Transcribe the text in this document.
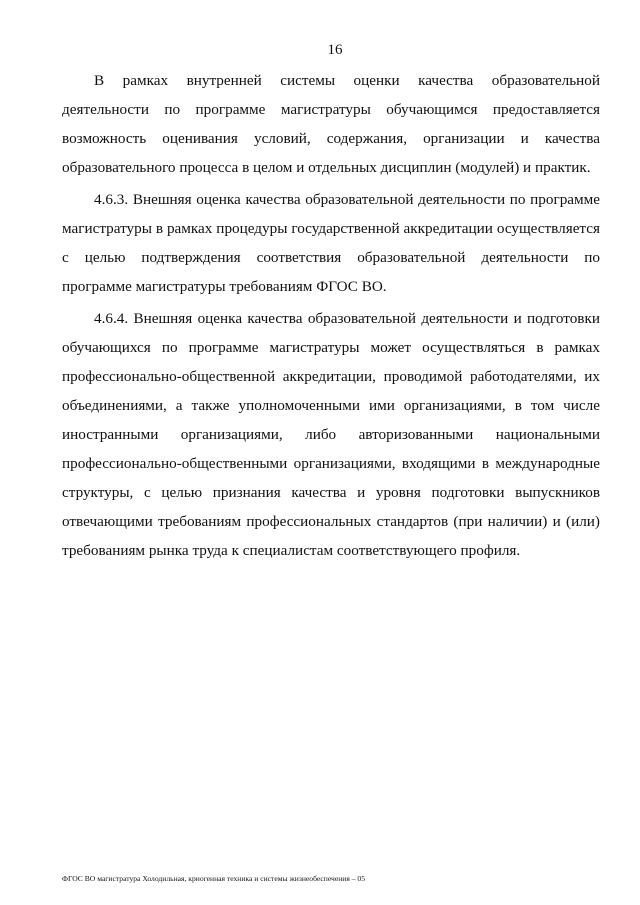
16

В рамках внутренней системы оценки качества образовательной деятельности по программе магистратуры обучающимся предоставляется возможность оценивания условий, содержания, организации и качества образовательного процесса в целом и отдельных дисциплин (модулей) и практик.

4.6.3. Внешняя оценка качества образовательной деятельности по программе магистратуры в рамках процедуры государственной аккредитации осуществляется с целью подтверждения соответствия образовательной деятельности по программе магистратуры требованиям ФГОС ВО.

4.6.4. Внешняя оценка качества образовательной деятельности и подготовки обучающихся по программе магистратуры может осуществляться в рамках профессионально-общественной аккредитации, проводимой работодателями, их объединениями, а также уполномоченными ими организациями, в том числе иностранными организациями, либо авторизованными национальными профессионально-общественными организациями, входящими в международные структуры, с целью признания качества и уровня подготовки выпускников отвечающими требованиям профессиональных стандартов (при наличии) и (или) требованиям рынка труда к специалистам соответствующего профиля.

ФГОС ВО магистратура Холодильная, криогенная техника и системы жизнеобеспечения – 05
